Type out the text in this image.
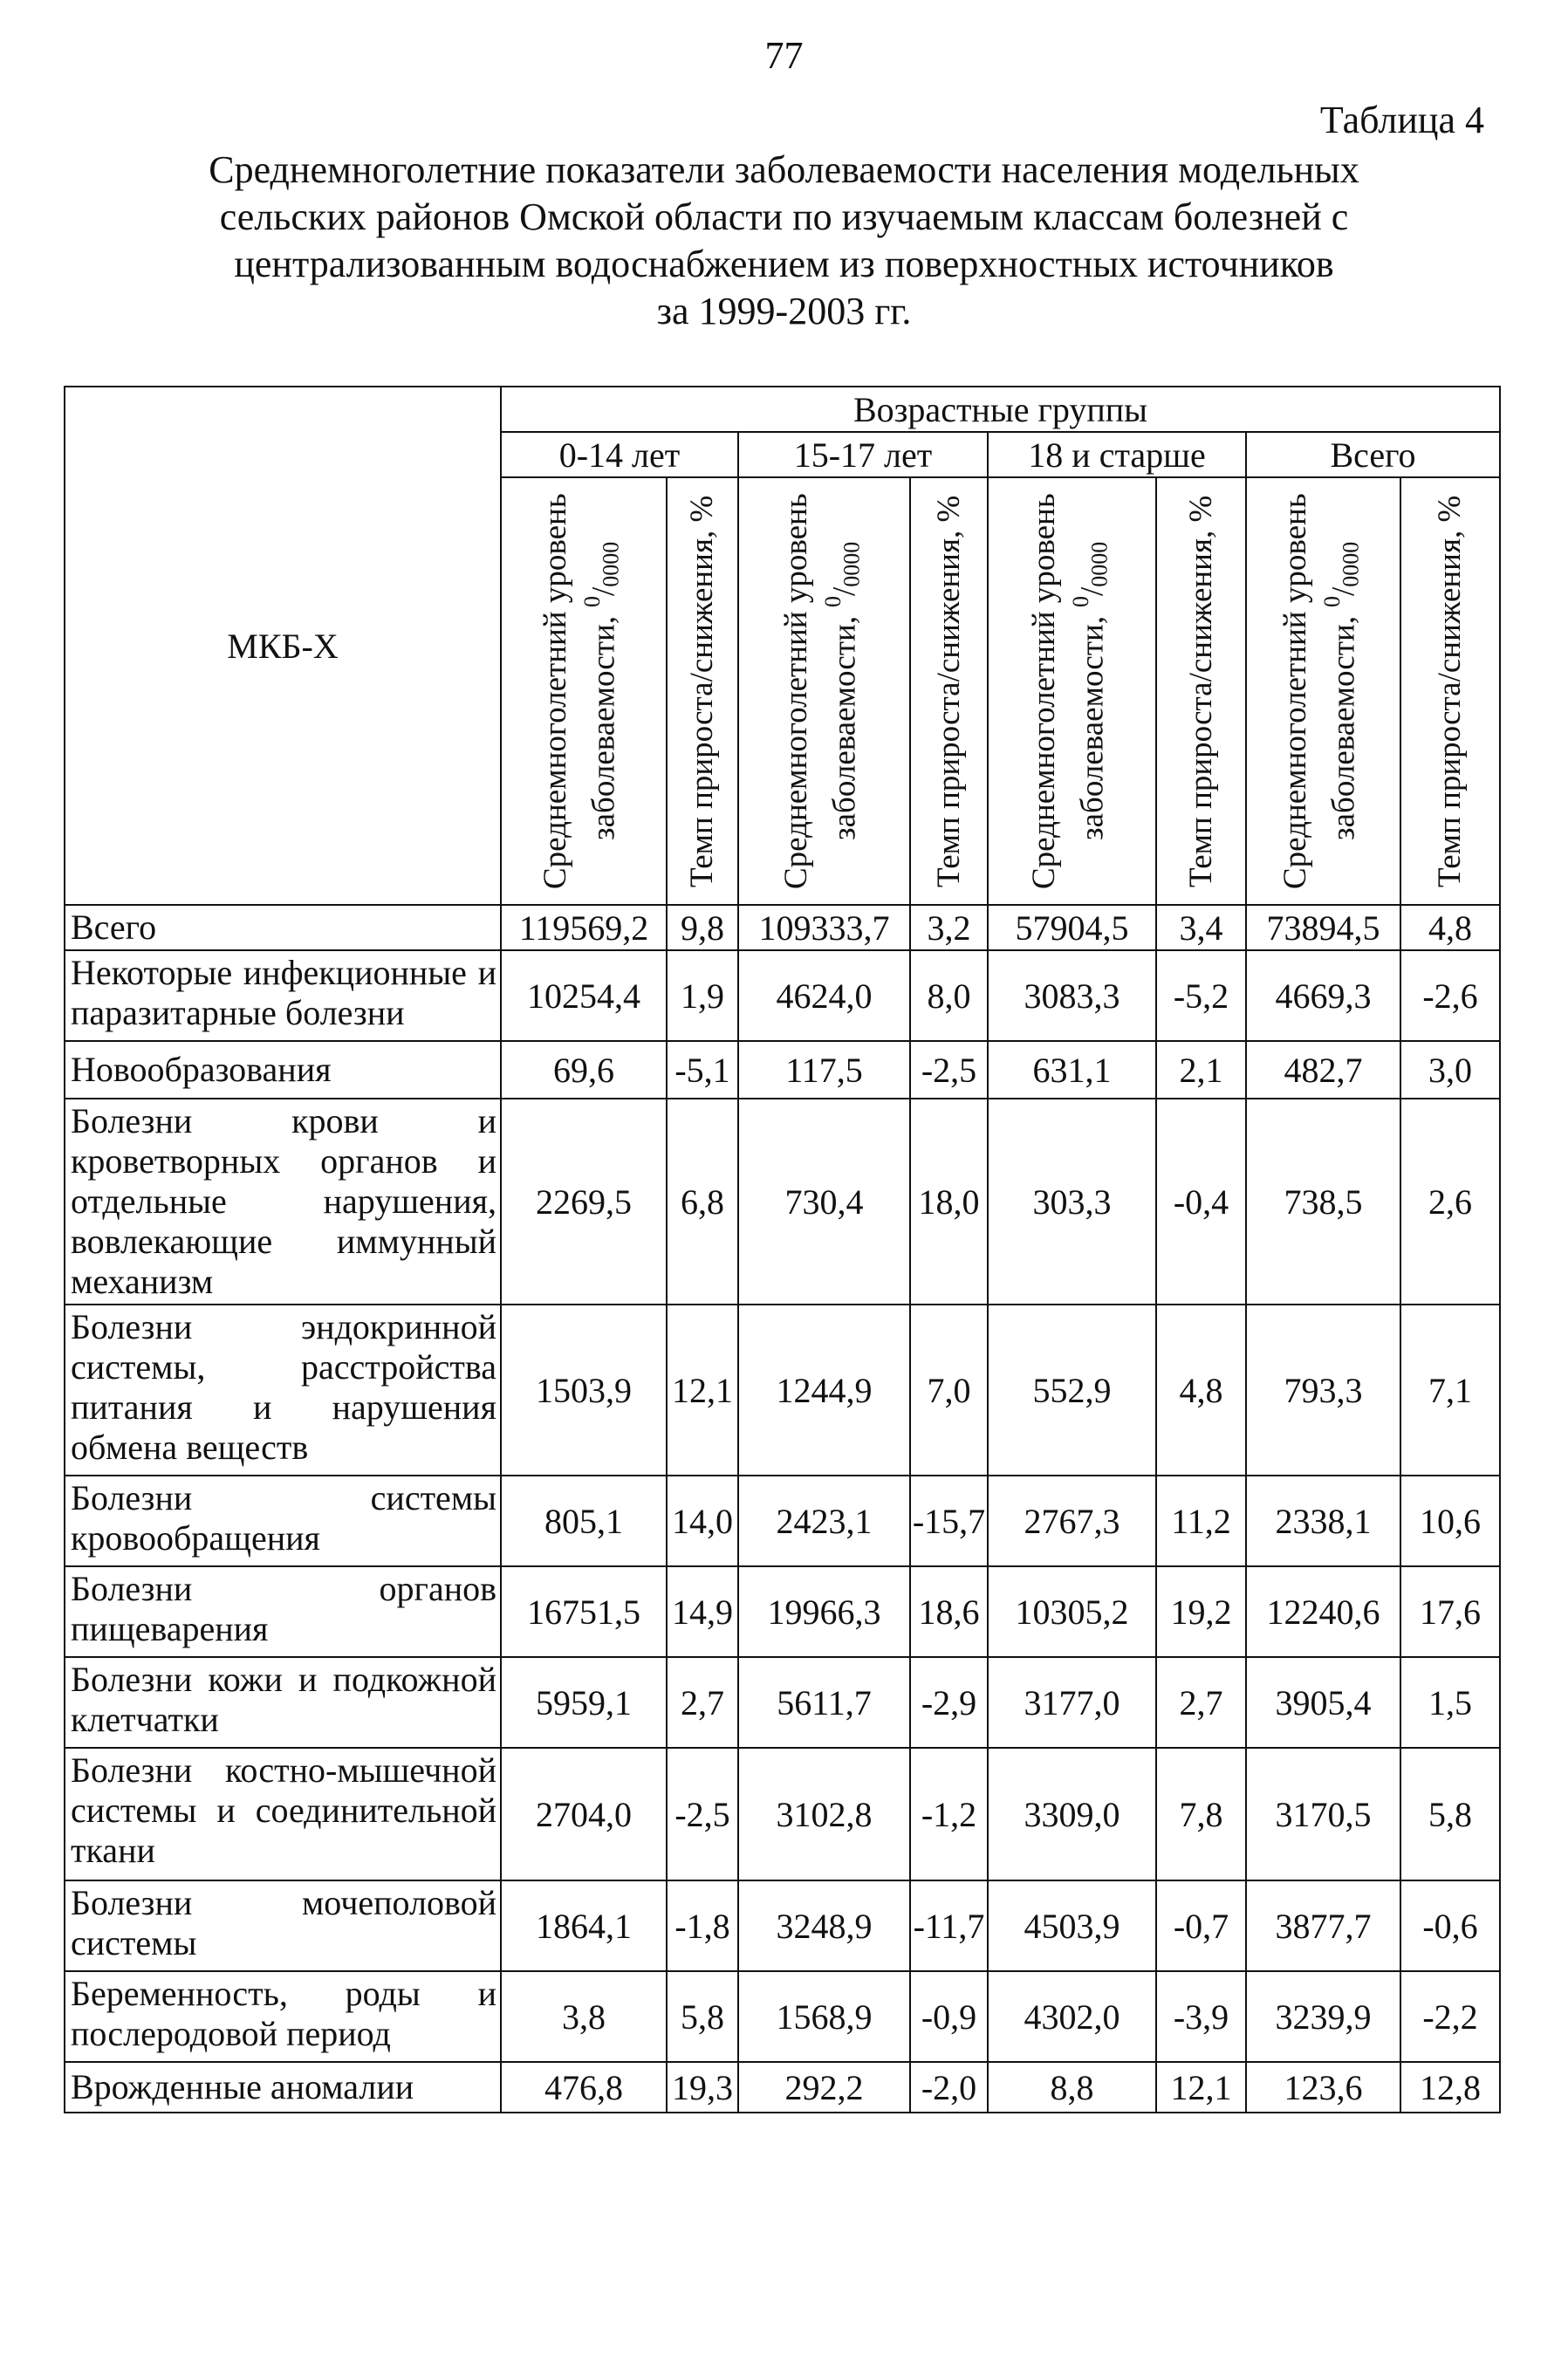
77
Таблица 4
Среднемноголетние показатели заболеваемости населения модельных
сельских районов Омской области по изучаемым классам болезней с
централизованным водоснабжением из поверхностных источников
за 1999-2003 гг.
МКБ-Х	Возрастные группы							
	0-14 лет		15-17 лет		18 и старше		Всего	

	Среднемноголетний уровень заболеваемости, $^0/_{0000}$	Темп прироста/снижения, %	Среднемноголетний уровень заболеваемости, $^0/_{0000}$	Темп прироста/снижения, %	Среднемноголетний уровень заболеваемости, $^0/_{0000}$	Темп прироста/снижения, %	Среднемноголетний уровень заболеваемости, $^0/_{0000}$	Темп прироста/снижения, %

Всего	119569,2	9,8	109333,7	3,2	57904,5	3,4	73894,5	4,8
Некоторые инфекционные и паразитарные болезни	10254,4	1,9	4624,0	8,0	3083,3	-5,2	4669,3	-2,6
Новообразования	69,6	-5,1	117,5	-2,5	631,1	2,1	482,7	3,0
Болезни крови и кроветворных органов и отдельные нарушения, вовлекающие иммунный механизм	2269,5	6,8	730,4	18,0	303,3	-0,4	738,5	2,6
Болезни эндокринной системы, расстройства питания и нарушения обмена веществ	1503,9	12,1	1244,9	7,0	552,9	4,8	793,3	7,1
Болезни системы кровообращения	805,1	14,0	2423,1	-15,7	2767,3	11,2	2338,1	10,6
Болезни органов пищеварения	16751,5	14,9	19966,3	18,6	10305,2	19,2	12240,6	17,6
Болезни кожи и подкожной клетчатки	5959,1	2,7	5611,7	-2,9	3177,0	2,7	3905,4	1,5
Болезни костно-мышечной системы и соединительной ткани	2704,0	-2,5	3102,8	-1,2	3309,0	7,8	3170,5	5,8
Болезни мочеполовой системы	1864,1	-1,8	3248,9	-11,7	4503,9	-0,7	3877,7	-0,6
Беременность, роды и послеродовой период	3,8	5,8	1568,9	-0,9	4302,0	-3,9	3239,9	-2,2
Врожденные аномалии	476,8	19,3	292,2	-2,0	8,8	12,1	123,6	12,8
